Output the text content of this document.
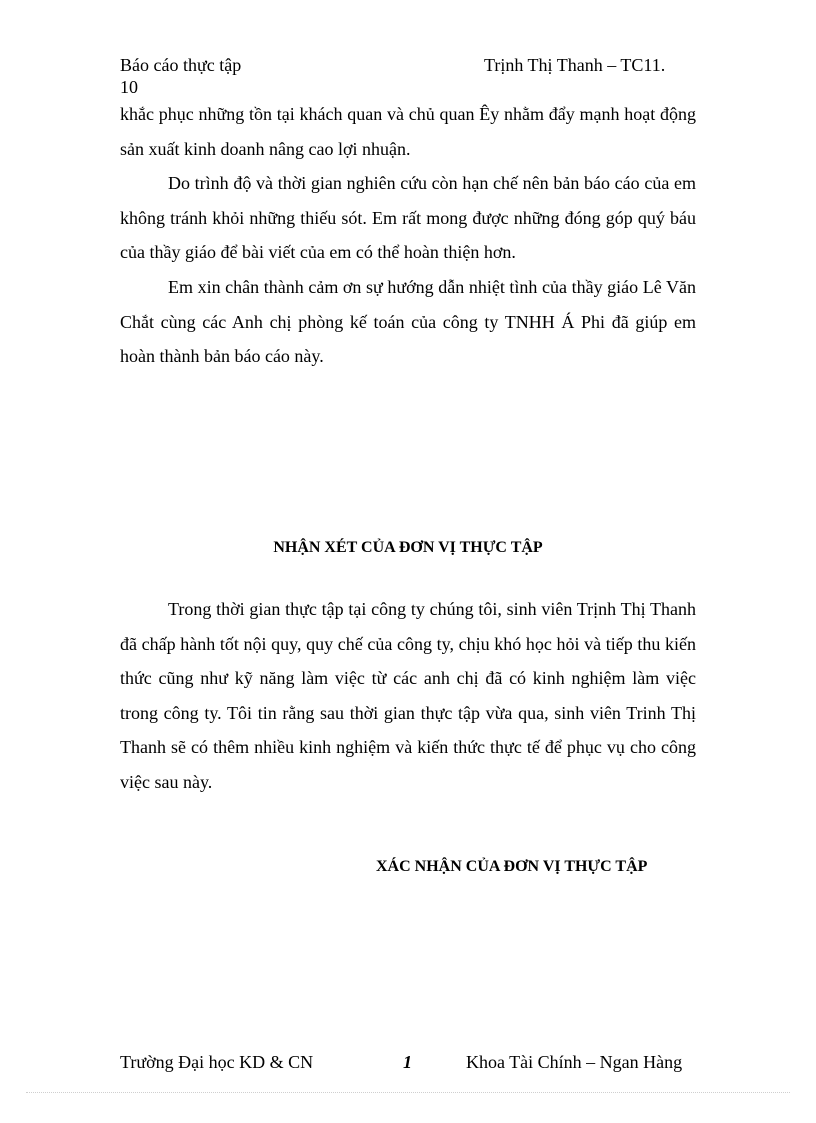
Báo cáo thực tập	Trịnh Thị Thanh – TC11.
10

khắc phục những tồn tại khách quan và chủ quan Êy nhằm đẩy mạnh hoạt động sản xuất kinh doanh nâng cao lợi nhuận.

Do trình độ và thời gian nghiên cứu còn hạn chế nên bản báo cáo của em không tránh khỏi những thiếu sót. Em rất mong được những đóng góp quý báu của thầy giáo để bài viết của em có thể hoàn thiện hơn.

Em xin chân thành cảm ơn sự hướng dẫn nhiệt tình của thầy giáo Lê Văn Chắt cùng các Anh chị phòng kế toán của công ty TNHH Á Phi đã giúp em hoàn thành bản báo cáo này.

NHẬN XÉT CỦA ĐƠN VỊ THỰC TẬP

Trong thời gian thực tập tại công ty chúng tôi, sinh viên Trịnh Thị Thanh đã chấp hành tốt nội quy, quy chế của công ty, chịu khó học hỏi và tiếp thu kiến thức cũng như kỹ năng làm việc từ các anh chị đã có kinh nghiệm làm việc trong công ty. Tôi tin rằng sau thời gian thực tập vừa qua, sinh viên Trinh Thị Thanh sẽ có thêm nhiều kinh nghiệm và kiến thức thực tế để phục vụ cho công việc sau này.

XÁC NHẬN CỦA ĐƠN VỊ THỰC TẬP
Trường Đại học KD & CN	1	Khoa Tài Chính – Ngan Hàng
